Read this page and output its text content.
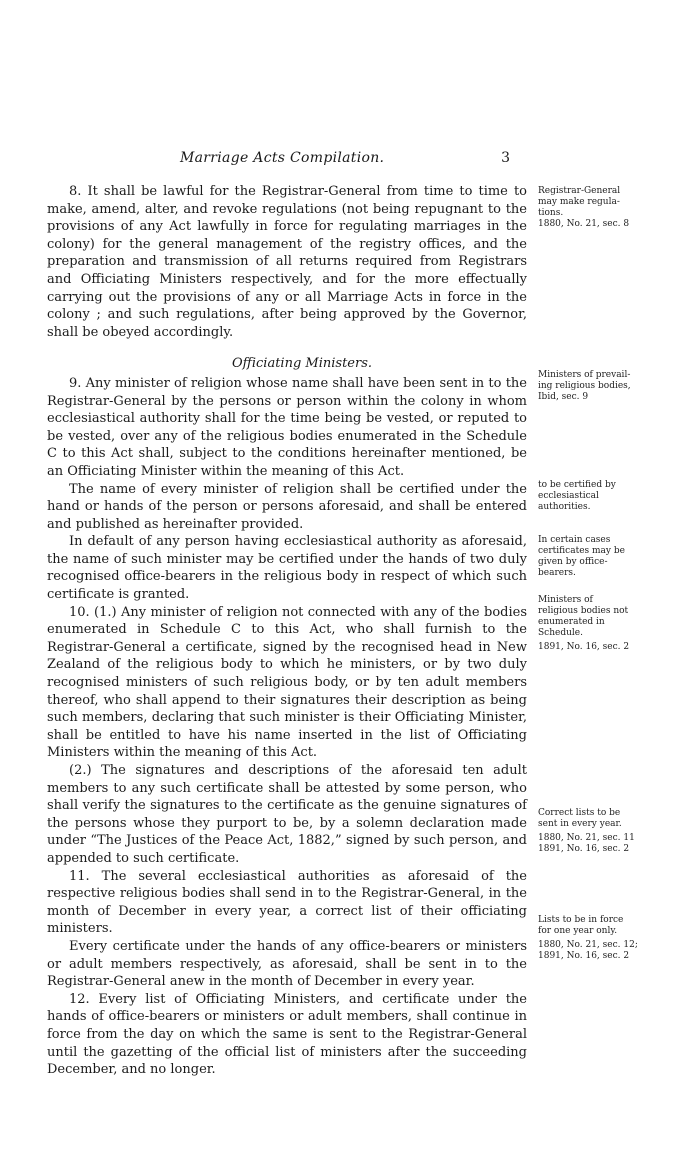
Marriage Acts Compilation.	3

8. It shall be lawful for the Registrar-General from time to time to make, amend, alter, and revoke regulations (not being repugnant to the provisions of any Act lawfully in force for regulating marriages in the colony) for the general management of the registry offices, and the preparation and transmission of all returns required from Registrars and Officiating Ministers respectively, and for the more effectually carrying out the provisions of any or all Marriage Acts in force in the colony ; and such regulations, after being approved by the Governor, shall be obeyed accordingly.

Officiating Ministers.

9. Any minister of religion whose name shall have been sent in to the Registrar-General by the persons or person within the colony in whom ecclesiastical authority shall for the time being be vested, or reputed to be vested, over any of the religious bodies enumerated in the Schedule C to this Act shall, subject to the conditions hereinafter mentioned, be an Officiating Minister within the meaning of this Act.

The name of every minister of religion shall be certified under the hand or hands of the person or persons aforesaid, and shall be entered and published as hereinafter provided.

In default of any person having ecclesiastical authority as aforesaid, the name of such minister may be certified under the hands of two duly recognised office-bearers in the religious body in respect of which such certificate is granted.

10. (1.) Any minister of religion not connected with any of the bodies enumerated in Schedule C to this Act, who shall furnish to the Registrar-General a certificate, signed by the recognised head in New Zealand of the religious body to which he ministers, or by two duly recognised ministers of such religious body, or by ten adult members thereof, who shall append to their signatures their description as being such members, declaring that such minister is their Officiating Minister, shall be entitled to have his name inserted in the list of Officiating Ministers within the meaning of this Act.

(2.) The signatures and descriptions of the aforesaid ten adult members to any such certificate shall be attested by some person, who shall verify the signatures to the certificate as the genuine signatures of the persons whose they purport to be, by a solemn declaration made under “The Justices of the Peace Act, 1882,” signed by such person, and appended to such certificate.

11. The several ecclesiastical authorities as aforesaid of the respective religious bodies shall send in to the Registrar-General, in the month of December in every year, a correct list of their officiating ministers.

Every certificate under the hands of any office-bearers or ministers or adult members respectively, as aforesaid, shall be sent in to the Registrar-General anew in the month of December in every year.

12. Every list of Officiating Ministers, and certificate under the hands of office-bearers or ministers or adult members, shall continue in force from the day on which the same is sent to the Registrar-General until the gazetting of the official list of ministers after the succeeding December, and no longer.

Registrar-General
may make regula-
tions.
1880, No. 21, sec. 8
Ministers of prevail-
ing religious bodies,
Ibid, sec. 9
to be certified by
ecclesiastical
authorities.
In certain cases
certificates may be
given by office-
bearers.
Ministers of
religious bodies not
enumerated in
Schedule.
1891, No. 16, sec. 2
Correct lists to be
sent in every year.
1880, No. 21, sec. 11
1891, No. 16, sec. 2
Lists to be in force
for one year only.
1880, No. 21, sec. 12;
1891, No. 16, sec. 2
